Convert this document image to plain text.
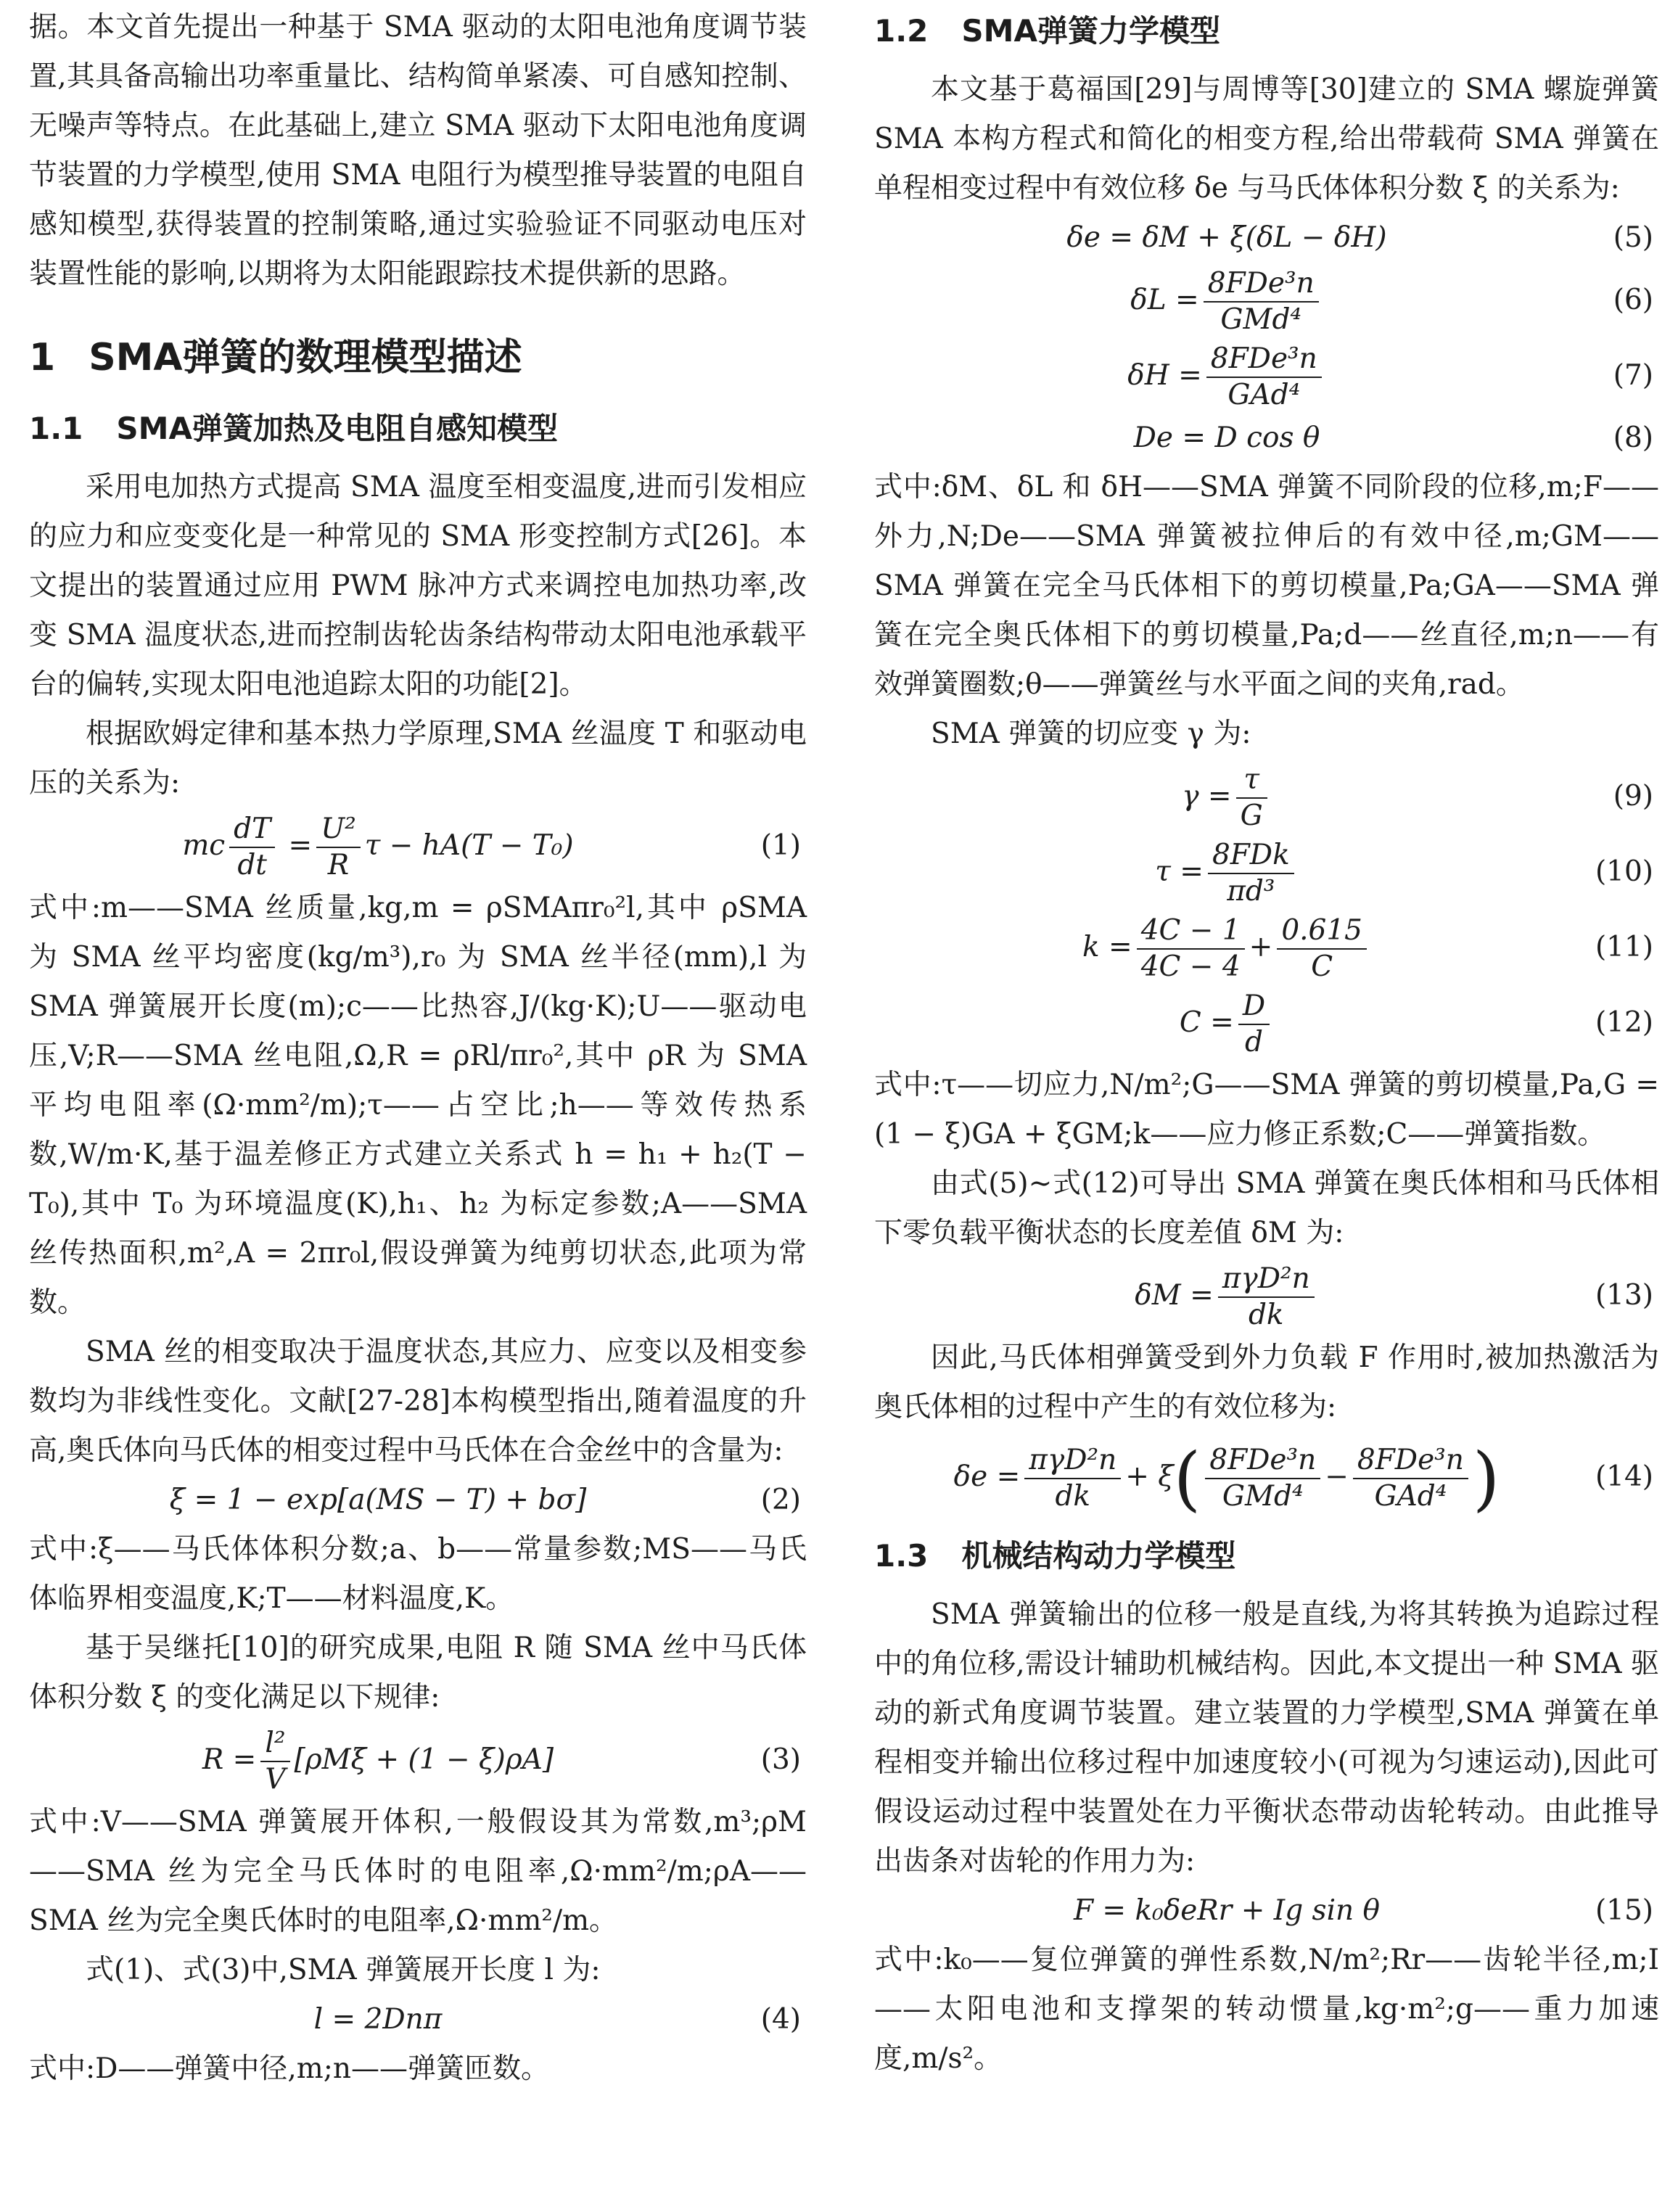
据。本文首先提出一种基于 SMA 驱动的太阳电池角度调节装置,其具备高输出功率重量比、结构简单紧凑、可自感知控制、无噪声等特点。在此基础上,建立 SMA 驱动下太阳电池角度调节装置的力学模型,使用 SMA 电阻行为模型推导装置的电阻自感知模型,获得装置的控制策略,通过实验验证不同驱动电压对装置性能的影响,以期将为太阳能跟踪技术提供新的思路。

1 SMA弹簧的数理模型描述
1.1 SMA弹簧加热及电阻自感知模型

采用电加热方式提高 SMA 温度至相变温度,进而引发相应的应力和应变变化是一种常见的 SMA 形变控制方式[26]。本文提出的装置通过应用 PWM 脉冲方式来调控电加热功率,改变 SMA 温度状态,进而控制齿轮齿条结构带动太阳电池承载平台的偏转,实现太阳电池追踪太阳的功能[2]。

根据欧姆定律和基本热力学原理,SMA 丝温度 T 和驱动电压的关系为:

mc $\frac{dT}{dt} = \frac{\text{U²}}{R}$ τ − hA(T − T₀)	(1)

式中:m——SMA 丝质量,kg,m = ρSMAπr₀²l,其中 ρSMA 为 SMA 丝平均密度(kg/m³),r₀ 为 SMA 丝半径(mm),l 为 SMA 弹簧展开长度(m);c——比热容,J/(kg·K);U——驱动电压,V;R——SMA 丝电阻,Ω,R = ρRl/πr₀²,其中 ρR 为 SMA 平均电阻率(Ω·mm²/m);τ——占空比;h——等效传热系数,W/m·K,基于温差修正方式建立关系式 h = h₁ + h₂(T − T₀),其中 T₀ 为环境温度(K),h₁、h₂ 为标定参数;A——SMA 丝传热面积,m²,A = 2πr₀l,假设弹簧为纯剪切状态,此项为常数。

SMA 丝的相变取决于温度状态,其应力、应变以及相变参数均为非线性变化。文献[27-28]本构模型指出,随着温度的升高,奥氏体向马氏体的相变过程中马氏体在合金丝中的含量为:

ξ = 1 − exp[a(MS − T) + bσ]	(2)

式中:ξ——马氏体体积分数;a、b——常量参数;MS——马氏体临界相变温度,K;T——材料温度,K。

基于吴继托[10]的研究成果,电阻 R 随 SMA 丝中马氏体体积分数 ξ 的变化满足以下规律:

$R = \frac{\text{l²}}{V} [\rho M\xi + (1 - \xi)\rho A]$	(3)

式中:V——SMA 弹簧展开体积,一般假设其为常数,m³;ρM——SMA 丝为完全马氏体时的电阻率,Ω·mm²/m;ρA——SMA 丝为完全奥氏体时的电阻率,Ω·mm²/m。

式(1)、式(3)中,SMA 弹簧展开长度 l 为:

l = 2Dnπ	(4)

式中:D——弹簧中径,m;n——弹簧匝数。

1.2 SMA弹簧力学模型

本文基于葛福国[29]与周博等[30]建立的 SMA 螺旋弹簧 SMA 本构方程式和简化的相变方程,给出带载荷 SMA 弹簧在单程相变过程中有效位移 δe 与马氏体体积分数 ξ 的关系为:

δe = δM + ξ(δL − δH)	(5)
$\delta L = \frac{\text{8FDe³n}}{\text{GMd⁴}}$	(6)
$\delta H = \frac{\text{8FDe³n}}{\text{GAd⁴}}$	(7)
De = D cos θ	(8)

式中:δM、δL 和 δH——SMA 弹簧不同阶段的位移,m;F——外力,N;De——SMA 弹簧被拉伸后的有效中径,m;GM——SMA 弹簧在完全马氏体相下的剪切模量,Pa;GA——SMA 弹簧在完全奥氏体相下的剪切模量,Pa;d——丝直径,m;n——有效弹簧圈数;θ——弹簧丝与水平面之间的夹角,rad。

SMA 弹簧的切应变 γ 为:

$\gamma = \frac{\tau}{G}$	(9)
$\tau = \frac{\text{8FDk}}{\text{πd³}}$	(10)
$k = \frac{4C - 1}{4C - 4} + \frac{0.615}{C}$	(11)
$C = \frac{D}{d}$	(12)

式中:τ——切应力,N/m²;G——SMA 弹簧的剪切模量,Pa,G = (1 − ξ)GA + ξGM;k——应力修正系数;C——弹簧指数。

由式(5)~式(12)可导出 SMA 弹簧在奥氏体相和马氏体相下零负载平衡状态的长度差值 δM 为:

$\delta M = \frac{\text{πγD²n}}{dk}$	(13)

因此,马氏体相弹簧受到外力负载 F 作用时,被加热激活为奥氏体相的过程中产生的有效位移为:

$\delta e = \frac{\text{πγD²n}}{dk} + \xi( \frac{\text{8FDe³n}}{\text{GMd⁴}} - \frac{\text{8FDe³n}}{\text{GAd⁴}}$ )	(14)
1.3 机械结构动力学模型

SMA 弹簧输出的位移一般是直线,为将其转换为追踪过程中的角位移,需设计辅助机械结构。因此,本文提出一种 SMA 驱动的新式角度调节装置。建立装置的力学模型,SMA 弹簧在单程相变并输出位移过程中加速度较小(可视为匀速运动),因此可假设运动过程中装置处在力平衡状态带动齿轮转动。由此推导出齿条对齿轮的作用力为:

F = k₀δeRr + Ig sin θ	(15)

式中:k₀——复位弹簧的弹性系数,N/m²;Rr——齿轮半径,m;I——太阳电池和支撑架的转动惯量,kg·m²;g——重力加速度,m/s²。
